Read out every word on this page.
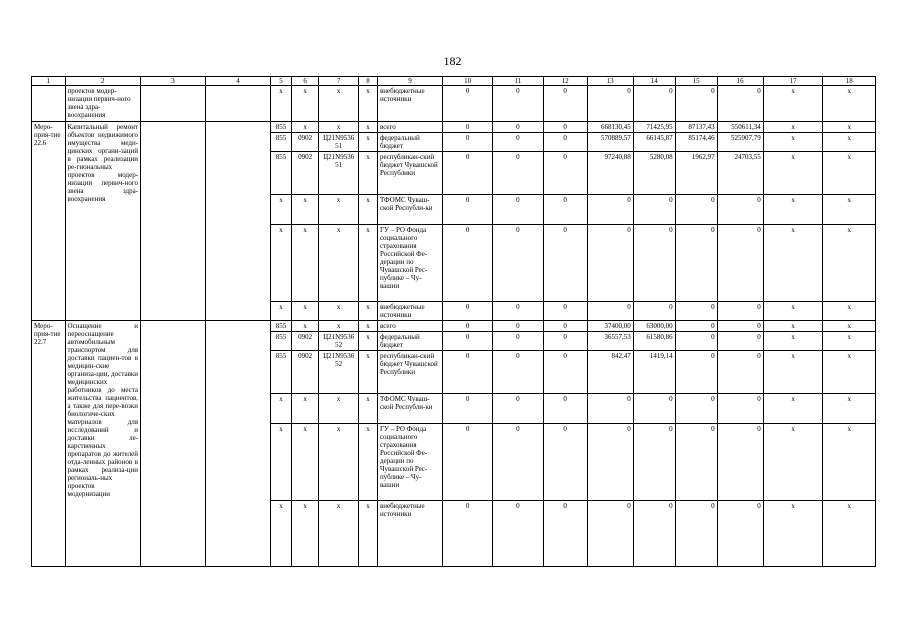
182
1	2	3	4	5	6	7	8	9	10	11	12	13	14	15	16	17	18
	проектов модер-низации первич-ного звена здра-воохранения			х	х	х	х	внебюджетные источники	0	0	0	0	0	0	0	х	х
Меро-прия-тие 22.6	Капитальный ремонт объектов недвижимого имущества меди-цинских органи-заций в рамках реализации ре-гиональных проектов модер-низации первич-ного звена здра-воохранения			855	х	х	х	всего	0	0	0	668130,45	71425,95	87137,43	550611,34	х	х
				855	0902	Ц21N9536 51	х	федеральный бюджет	0	0	0	570889,57	66145,87	85174,46	525907,79	х	х
				855	0902	Ц21N9536 51	х	республикан-ский бюджет Чувашской Республики	0	0	0	97240,88	5280,08	1962,97	24703,55	х	х
				х	х	х	х	ТФОМС Чуваш-ской Республи-ки	0	0	0	0	0	0	0	х	х
				х	х	х	х	ГУ – РО Фонда социального страхования Российской Фе-дерации по Чувашской Рес-публике – Чу-вашии	0	0	0	0	0	0	0	х	х
				х	х	х	х	внебюджетные источники	0	0	0	0	0	0	0	х	х
Меро-прия-тие 22.7	Оснащение и переоснащение автомобильным транспортом для доставки пациен-тов в медицин-ские организа-ции, доставки медицинских работников до места жительства пациентов, а также для пере-возки биологиче-ских материалов для исследований и доставки ле-карственных препаратов до жителей отда-ленных районов в рамках реализа-ции региональ-ных проектов модернизации			855	х	х	х	всего	0	0	0	37400,00	63000,00	0	0	х	х
				855	0902	Ц21N9536 52	х	федеральный бюджет	0	0	0	36557,53	61580,86	0	0	х	х
				855	0902	Ц21N9536 52	х	республикан-ский бюджет Чувашской Республики	0	0	0	842,47	1419,14	0	0	х	х
				х	х	х	х	ТФОМС Чуваш-ской Республи-ки	0	0	0	0	0	0	0	х	х
				х	х	х	х	ГУ – РО Фонда социального страхования Российской Фе-дерации по Чувашской Рес-публике – Чу-вашии	0	0	0	0	0	0	0	х	х
				х	х	х	х	внебюджетные источники	0	0	0	0	0	0	0	х	х
